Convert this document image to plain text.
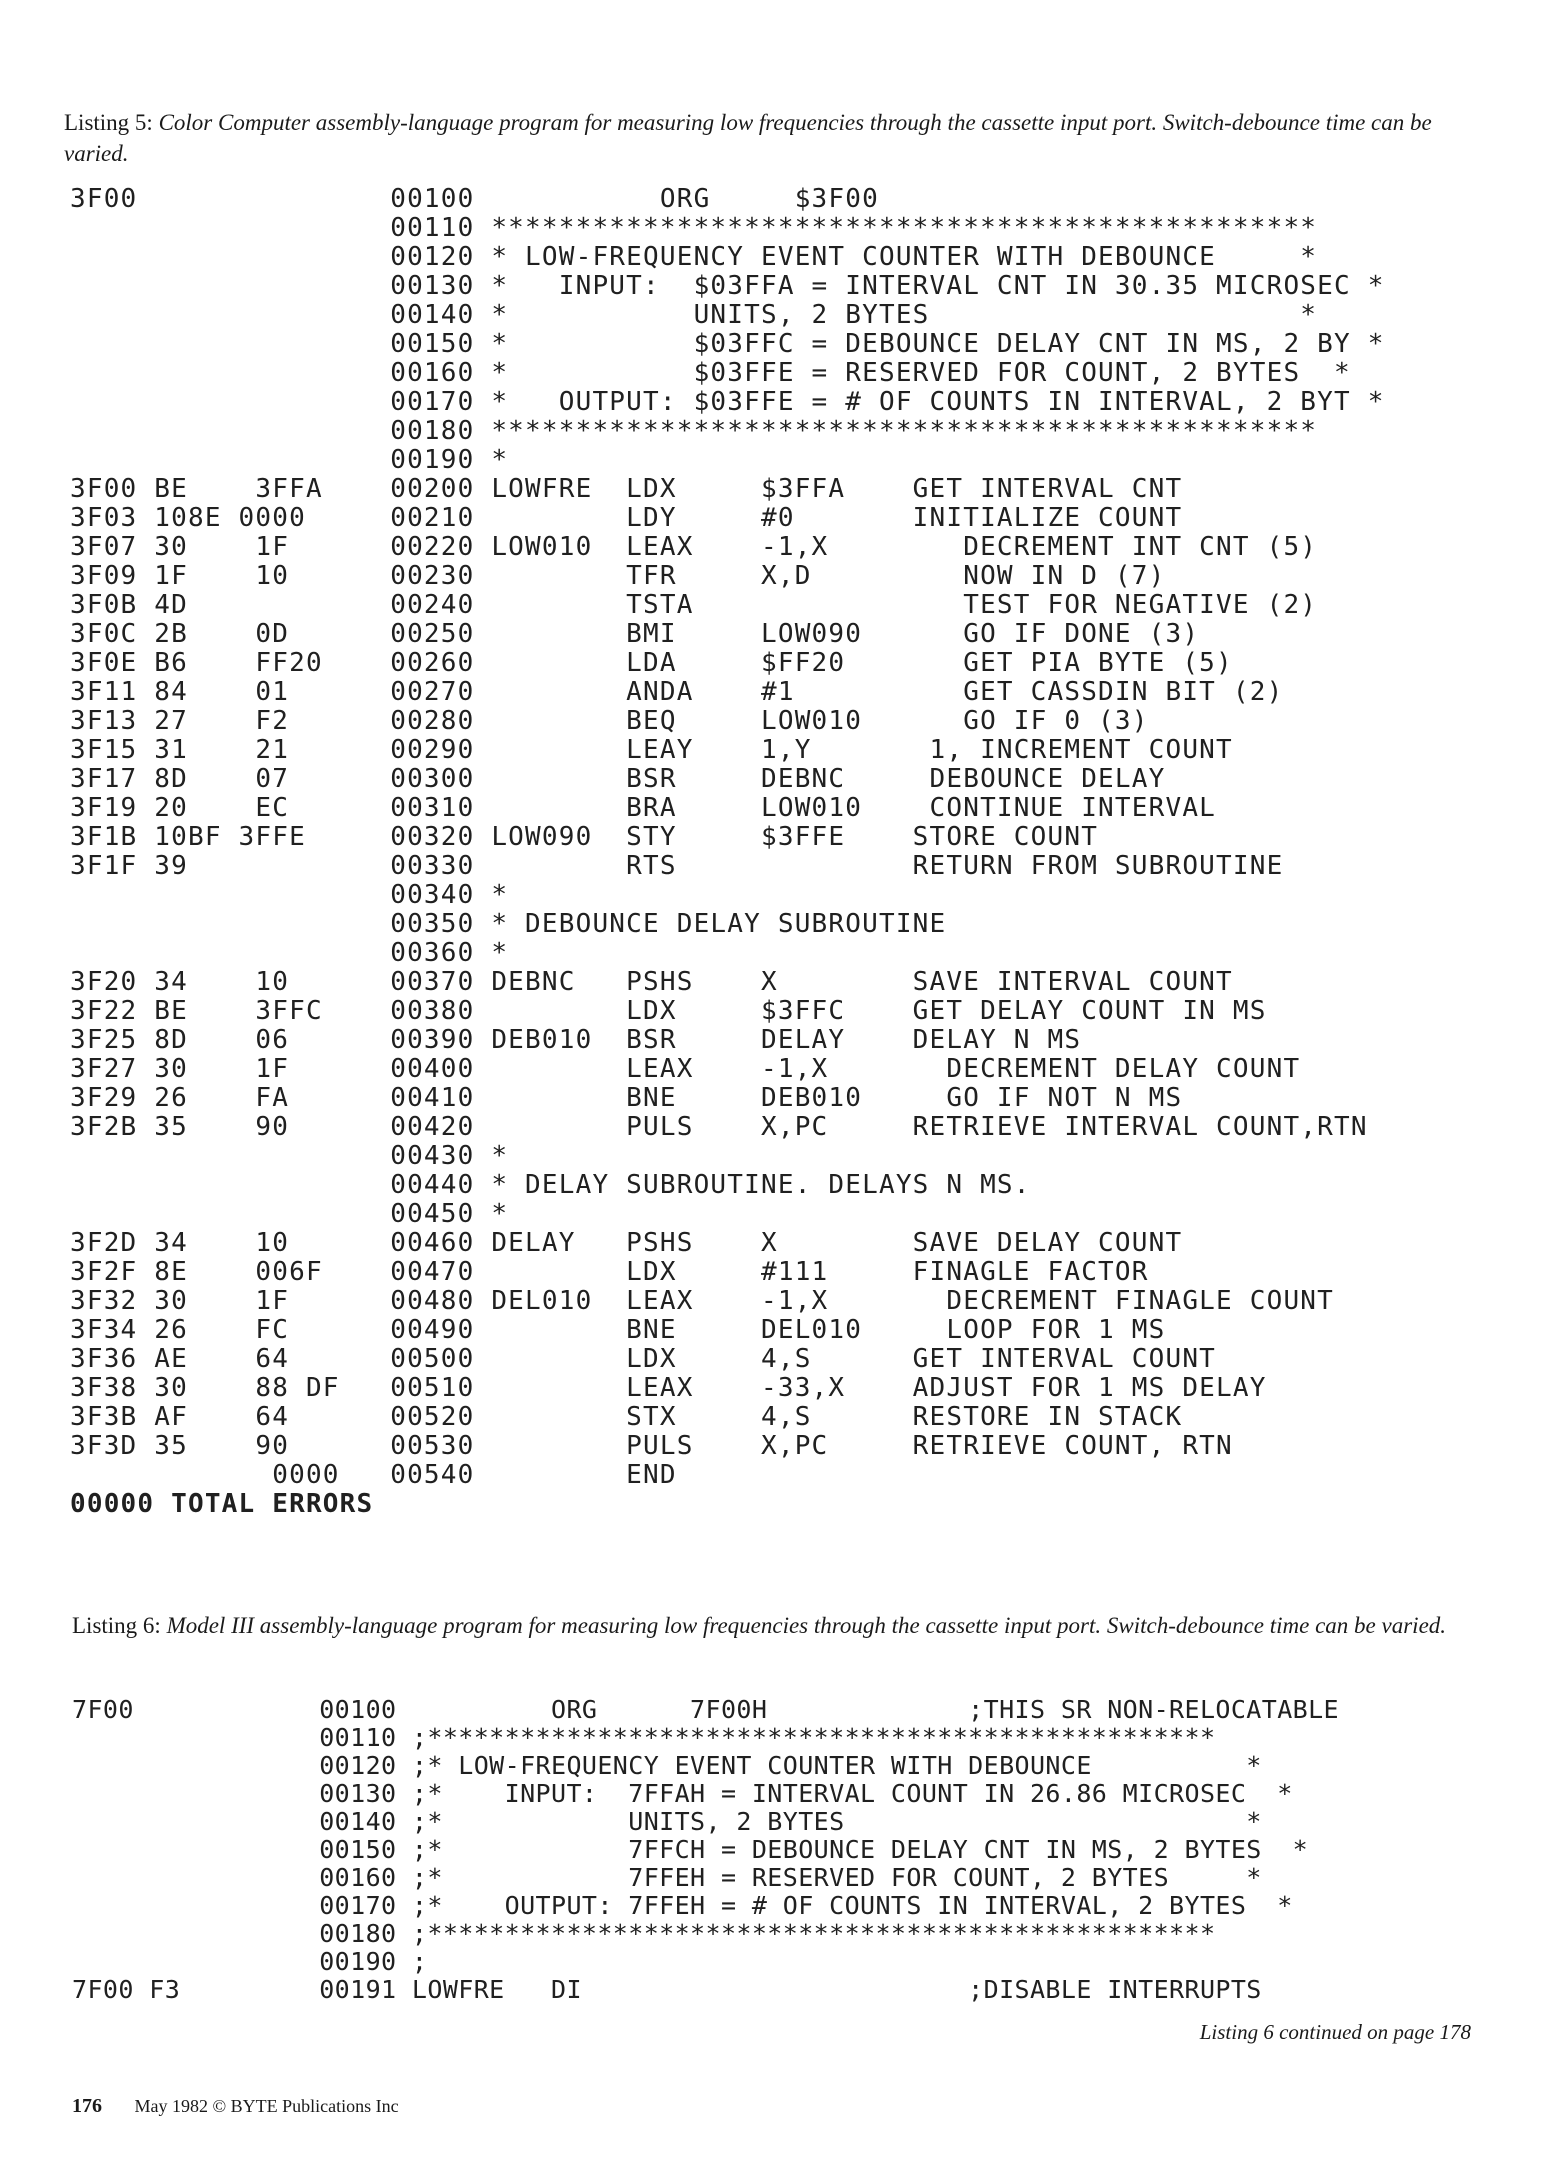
Listing 5: Color Computer assembly-language program for measuring low frequencies through the cassette input port. Switch-debounce time can be varied.
3F00               00100           ORG     $3F00
00110 *************************************************
00120 * LOW-FREQUENCY EVENT COUNTER WITH DEBOUNCE     *
00130 *   INPUT:  $03FFA = INTERVAL CNT IN 30.35 MICROSEC *
00140 *           UNITS, 2 BYTES                      *
00150 *           $03FFC = DEBOUNCE DELAY CNT IN MS, 2 BY *
00160 *           $03FFE = RESERVED FOR COUNT, 2 BYTES  *
00170 *   OUTPUT: $03FFE = # OF COUNTS IN INTERVAL, 2 BYT *
00180 *************************************************
00190 *
3F00 BE    3FFA    00200 LOWFRE  LDX     $3FFA    GET INTERVAL CNT
3F03 108E 0000     00210         LDY     #0       INITIALIZE COUNT
3F07 30    1F      00220 LOW010  LEAX    -1,X        DECREMENT INT CNT (5)
3F09 1F    10      00230         TFR     X,D         NOW IN D (7)
3F0B 4D            00240         TSTA                TEST FOR NEGATIVE (2)
3F0C 2B    0D      00250         BMI     LOW090      GO IF DONE (3)
3F0E B6    FF20    00260         LDA     $FF20       GET PIA BYTE (5)
3F11 84    01      00270         ANDA    #1          GET CASSDIN BIT (2)
3F13 27    F2      00280         BEQ     LOW010      GO IF 0 (3)
3F15 31    21      00290         LEAY    1,Y       1, INCREMENT COUNT
3F17 8D    07      00300         BSR     DEBNC     DEBOUNCE DELAY
3F19 20    EC      00310         BRA     LOW010    CONTINUE INTERVAL
3F1B 10BF 3FFE     00320 LOW090  STY     $3FFE    STORE COUNT
3F1F 39            00330         RTS              RETURN FROM SUBROUTINE
00340 *
00350 * DEBOUNCE DELAY SUBROUTINE
00360 *
3F20 34    10      00370 DEBNC   PSHS    X        SAVE INTERVAL COUNT
3F22 BE    3FFC    00380         LDX     $3FFC    GET DELAY COUNT IN MS
3F25 8D    06      00390 DEB010  BSR     DELAY    DELAY N MS
3F27 30    1F      00400         LEAX    -1,X       DECREMENT DELAY COUNT
3F29 26    FA      00410         BNE     DEB010     GO IF NOT N MS
3F2B 35    90      00420         PULS    X,PC     RETRIEVE INTERVAL COUNT,RTN
00430 *
00440 * DELAY SUBROUTINE. DELAYS N MS.
00450 *
3F2D 34    10      00460 DELAY   PSHS    X        SAVE DELAY COUNT
3F2F 8E    006F    00470         LDX     #111     FINAGLE FACTOR
3F32 30    1F      00480 DEL010  LEAX    -1,X       DECREMENT FINAGLE COUNT
3F34 26    FC      00490         BNE     DEL010     LOOP FOR 1 MS
3F36 AE    64      00500         LDX     4,S      GET INTERVAL COUNT
3F38 30    88 DF   00510         LEAX    -33,X    ADJUST FOR 1 MS DELAY
3F3B AF    64      00520         STX     4,S      RESTORE IN STACK
3F3D 35    90      00530         PULS    X,PC     RETRIEVE COUNT, RTN
0000   00540         END
00000 TOTAL ERRORS
Listing 6: Model III assembly-language program for measuring low frequencies through the cassette input port. Switch-debounce time can be varied.
7F00            00100          ORG      7F00H             ;THIS SR NON-RELOCATABLE
00110 ;***************************************************
00120 ;* LOW-FREQUENCY EVENT COUNTER WITH DEBOUNCE          *
00130 ;*    INPUT:  7FFAH = INTERVAL COUNT IN 26.86 MICROSEC  *
00140 ;*            UNITS, 2 BYTES                          *
00150 ;*            7FFCH = DEBOUNCE DELAY CNT IN MS, 2 BYTES  *
00160 ;*            7FFEH = RESERVED FOR COUNT, 2 BYTES     *
00170 ;*    OUTPUT: 7FFEH = # OF COUNTS IN INTERVAL, 2 BYTES  *
00180 ;***************************************************
00190 ;
7F00 F3         00191 LOWFRE   DI                         ;DISABLE INTERRUPTS
Listing 6 continued on page 178
176 May 1982 © BYTE Publications Inc
